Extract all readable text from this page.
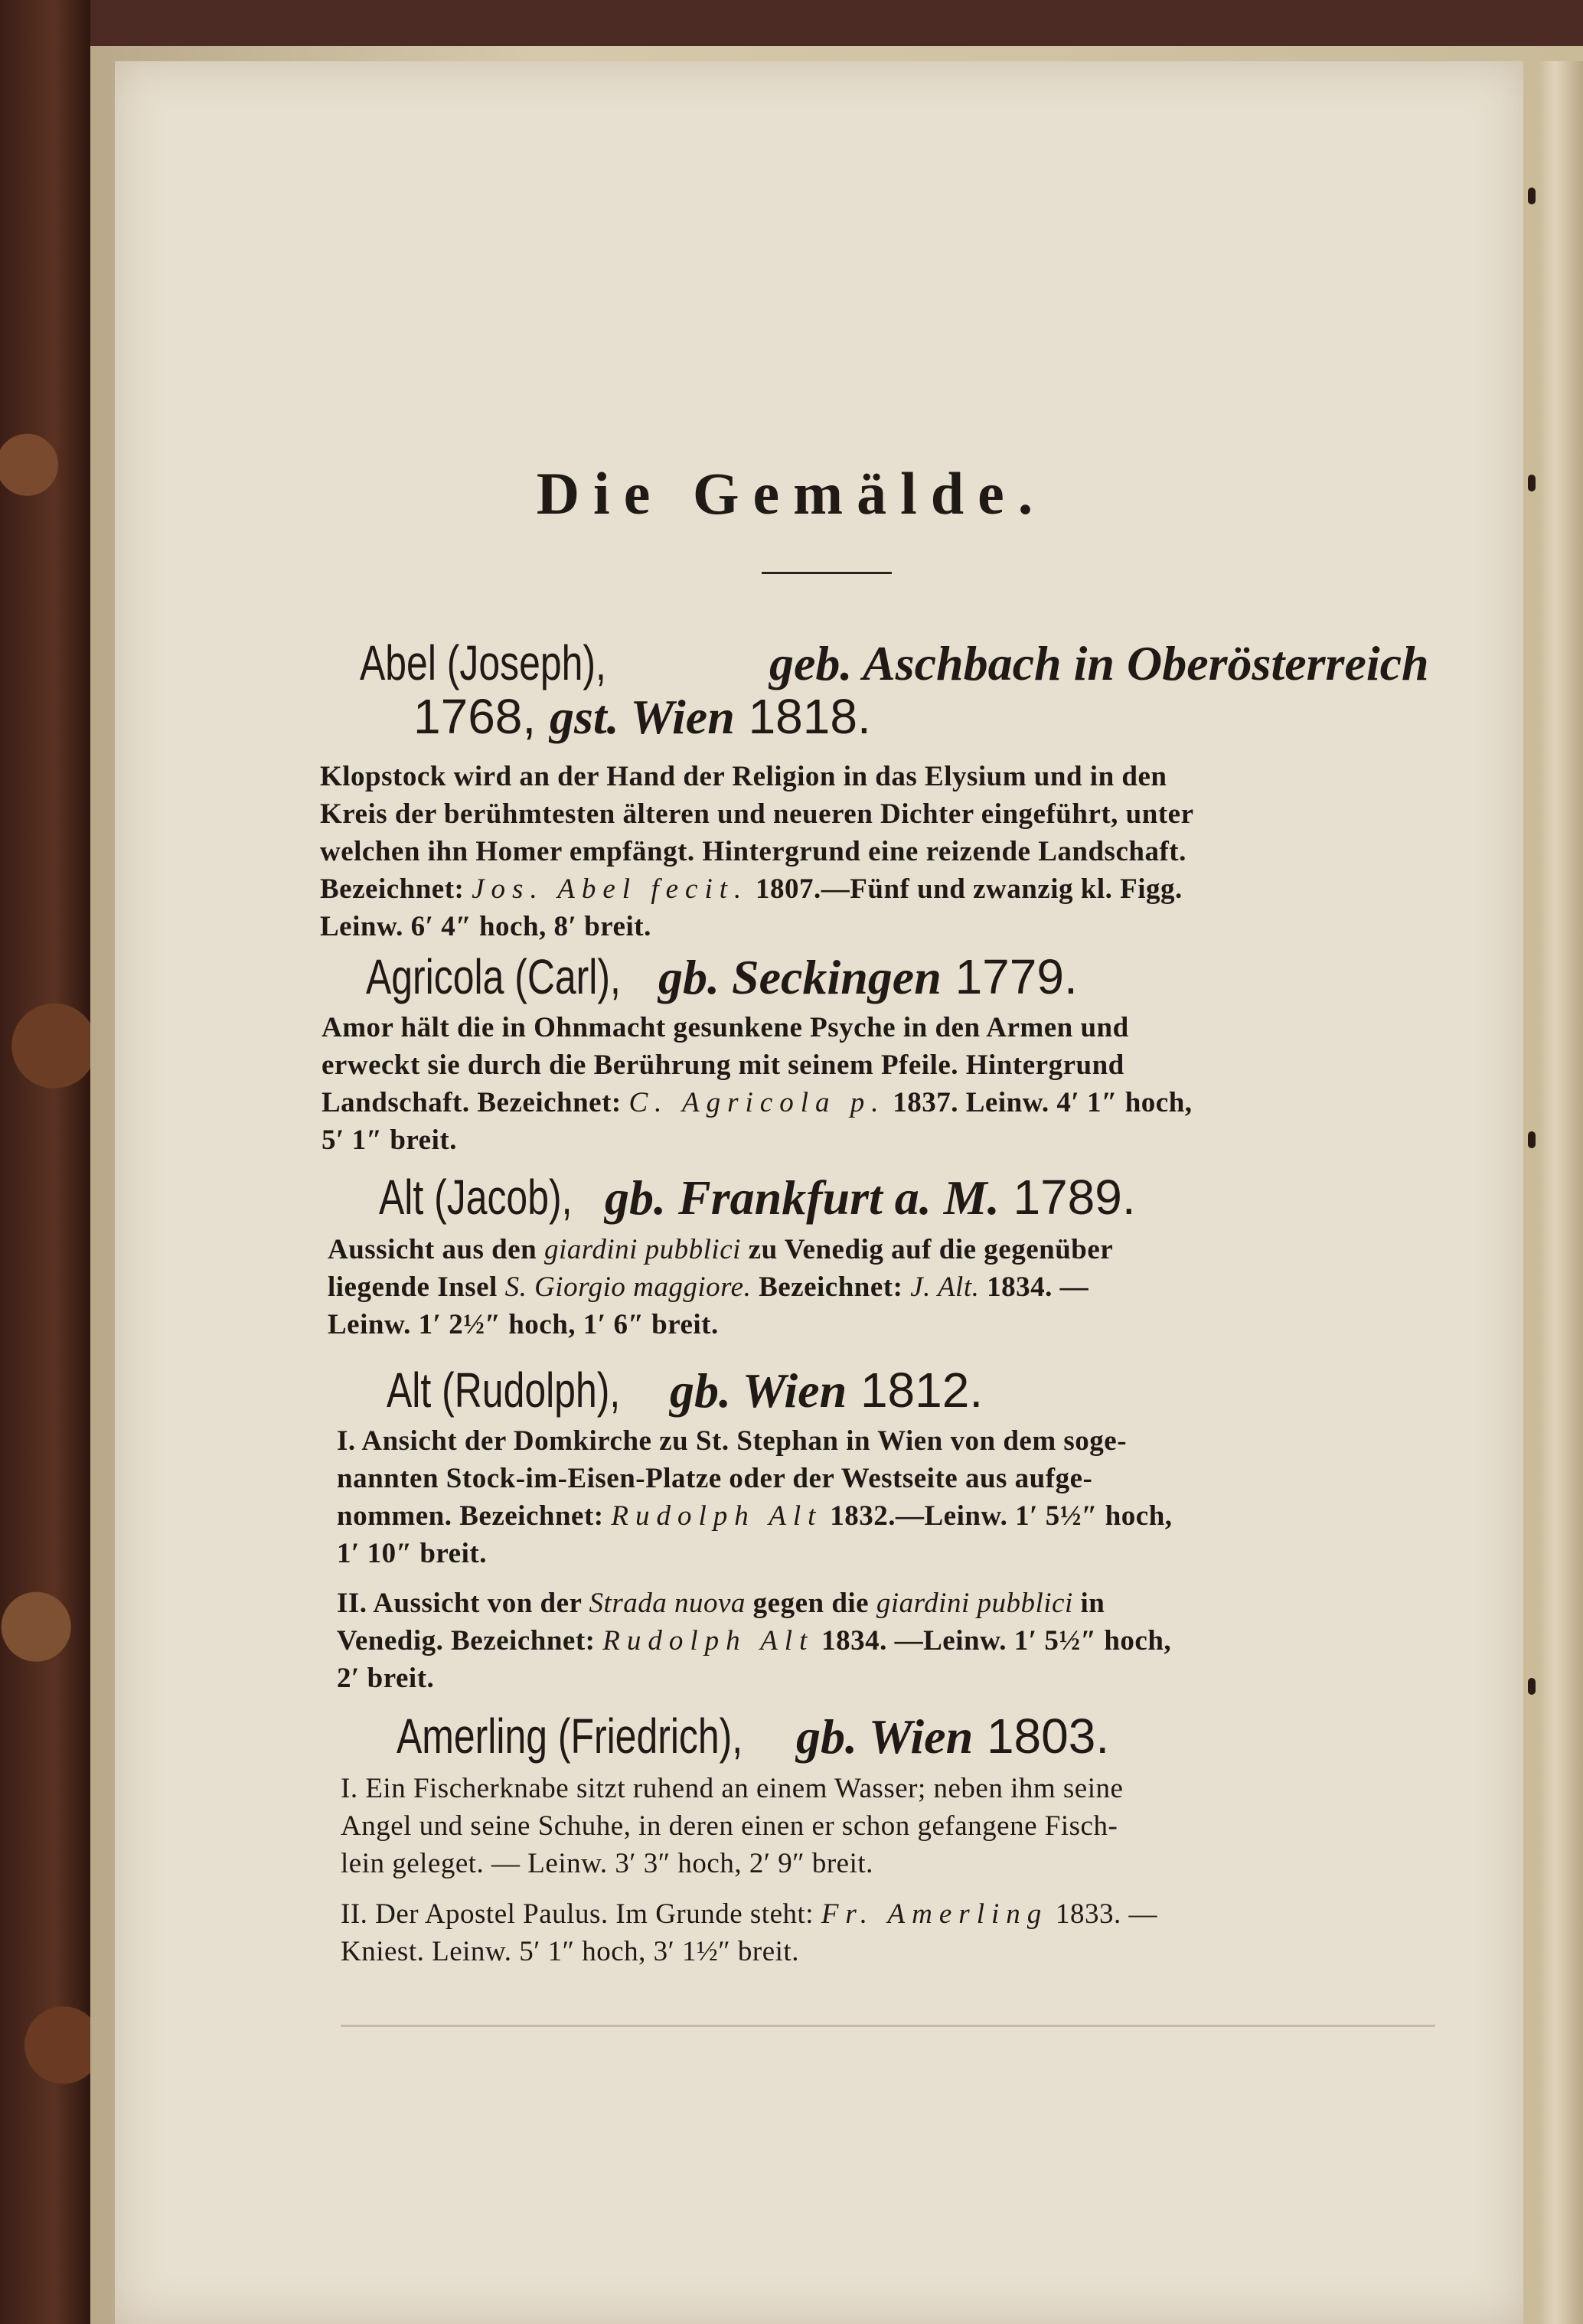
Die Gemälde.
Abel (Joseph),	geb. Aschbach in Oberösterreich
1768, gst. Wien 1818.
Klopstock wird an der Hand der Religion in das Elysium und in den
Kreis der berühmtesten älteren und neueren Dichter eingeführt, unter
welchen ihn Homer empfängt. Hintergrund eine reizende Landschaft.
Bezeichnet: Jos. Abel fecit. 1807.—Fünf und zwanzig kl. Figg.
Leinw. 6′ 4″ hoch, 8′ breit.
Agricola (Carl), gb. Seckingen 1779.
Amor hält die in Ohnmacht gesunkene Psyche in den Armen und
erweckt sie durch die Berührung mit seinem Pfeile. Hintergrund
Landschaft. Bezeichnet: C. Agricola p. 1837. Leinw. 4′ 1″ hoch,
5′ 1″ breit.
Alt (Jacob), gb. Frankfurt a. M. 1789.
Aussicht aus den giardini pubblici zu Venedig auf die gegenüber
liegende Insel S. Giorgio maggiore. Bezeichnet: J. Alt. 1834. —
Leinw. 1′ 2½″ hoch, 1′ 6″ breit.
Alt (Rudolph),	gb. Wien 1812.
I. Ansicht der Domkirche zu St. Stephan in Wien von dem soge-
nannten Stock-im-Eisen-Platze oder der Westseite aus aufge-
nommen. Bezeichnet: Rudolph Alt 1832.—Leinw. 1′ 5½″ hoch,
1′ 10″ breit.
II. Aussicht von der Strada nuova gegen die giardini pubblici in
Venedig. Bezeichnet: Rudolph Alt 1834. —Leinw. 1′ 5½″ hoch,
2′ breit.
Amerling (Friedrich),	gb. Wien 1803.
I. Ein Fischerknabe sitzt ruhend an einem Wasser; neben ihm seine
Angel und seine Schuhe, in deren einen er schon gefangene Fisch-
lein geleget. — Leinw. 3′ 3″ hoch, 2′ 9″ breit.
II. Der Apostel Paulus. Im Grunde steht: Fr. Amerling 1833. —
Kniest. Leinw. 5′ 1″ hoch, 3′ 1½″ breit.
